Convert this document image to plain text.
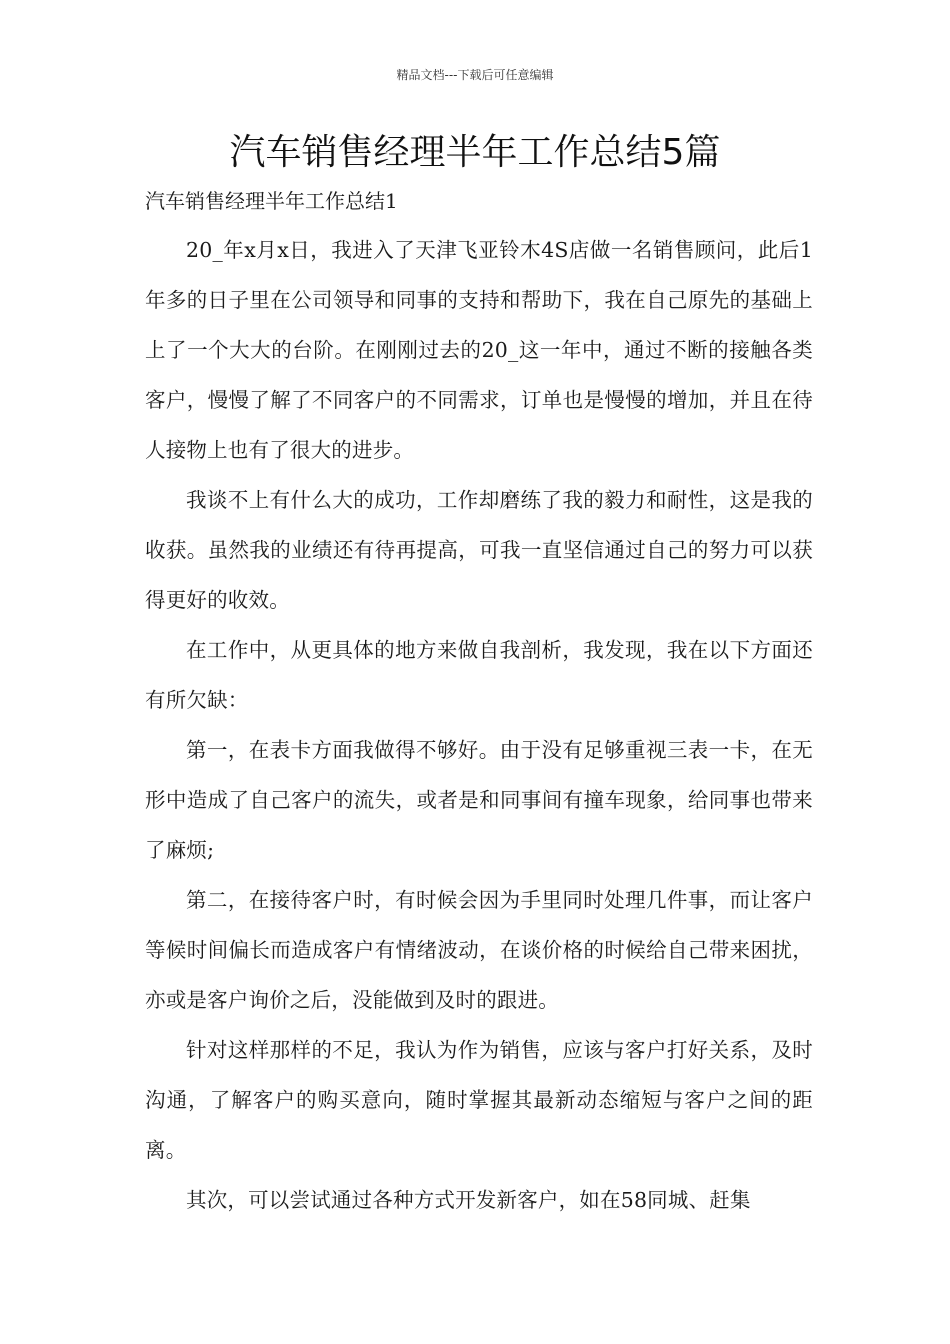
精品文档---下载后可任意编辑
汽车销售经理半年工作总结5篇
汽车销售经理半年工作总结1

20_年x月x日，我进入了天津飞亚铃木4S店做一名销售顾问，此后1年多的日子里在公司领导和同事的支持和帮助下，我在自己原先的基础上上了一个大大的台阶。在刚刚过去的20_这一年中，通过不断的接触各类客户，慢慢了解了不同客户的不同需求，订单也是慢慢的增加，并且在待人接物上也有了很大的进步。

我谈不上有什么大的成功，工作却磨练了我的毅力和耐性，这是我的收获。虽然我的业绩还有待再提高，可我一直坚信通过自己的努力可以获得更好的收效。

在工作中，从更具体的地方来做自我剖析，我发现，我在以下方面还有所欠缺：

第一，在表卡方面我做得不够好。由于没有足够重视三表一卡，在无形中造成了自己客户的流失，或者是和同事间有撞车现象，给同事也带来了麻烦;

第二，在接待客户时，有时候会因为手里同时处理几件事，而让客户等候时间偏长而造成客户有情绪波动，在谈价格的时候给自己带来困扰，亦或是客户询价之后，没能做到及时的跟进。

针对这样那样的不足，我认为作为销售，应该与客户打好关系，及时沟通，了解客户的购买意向，随时掌握其最新动态缩短与客户之间的距离。

其次，可以尝试通过各种方式开发新客户，如在58同城、赶集
